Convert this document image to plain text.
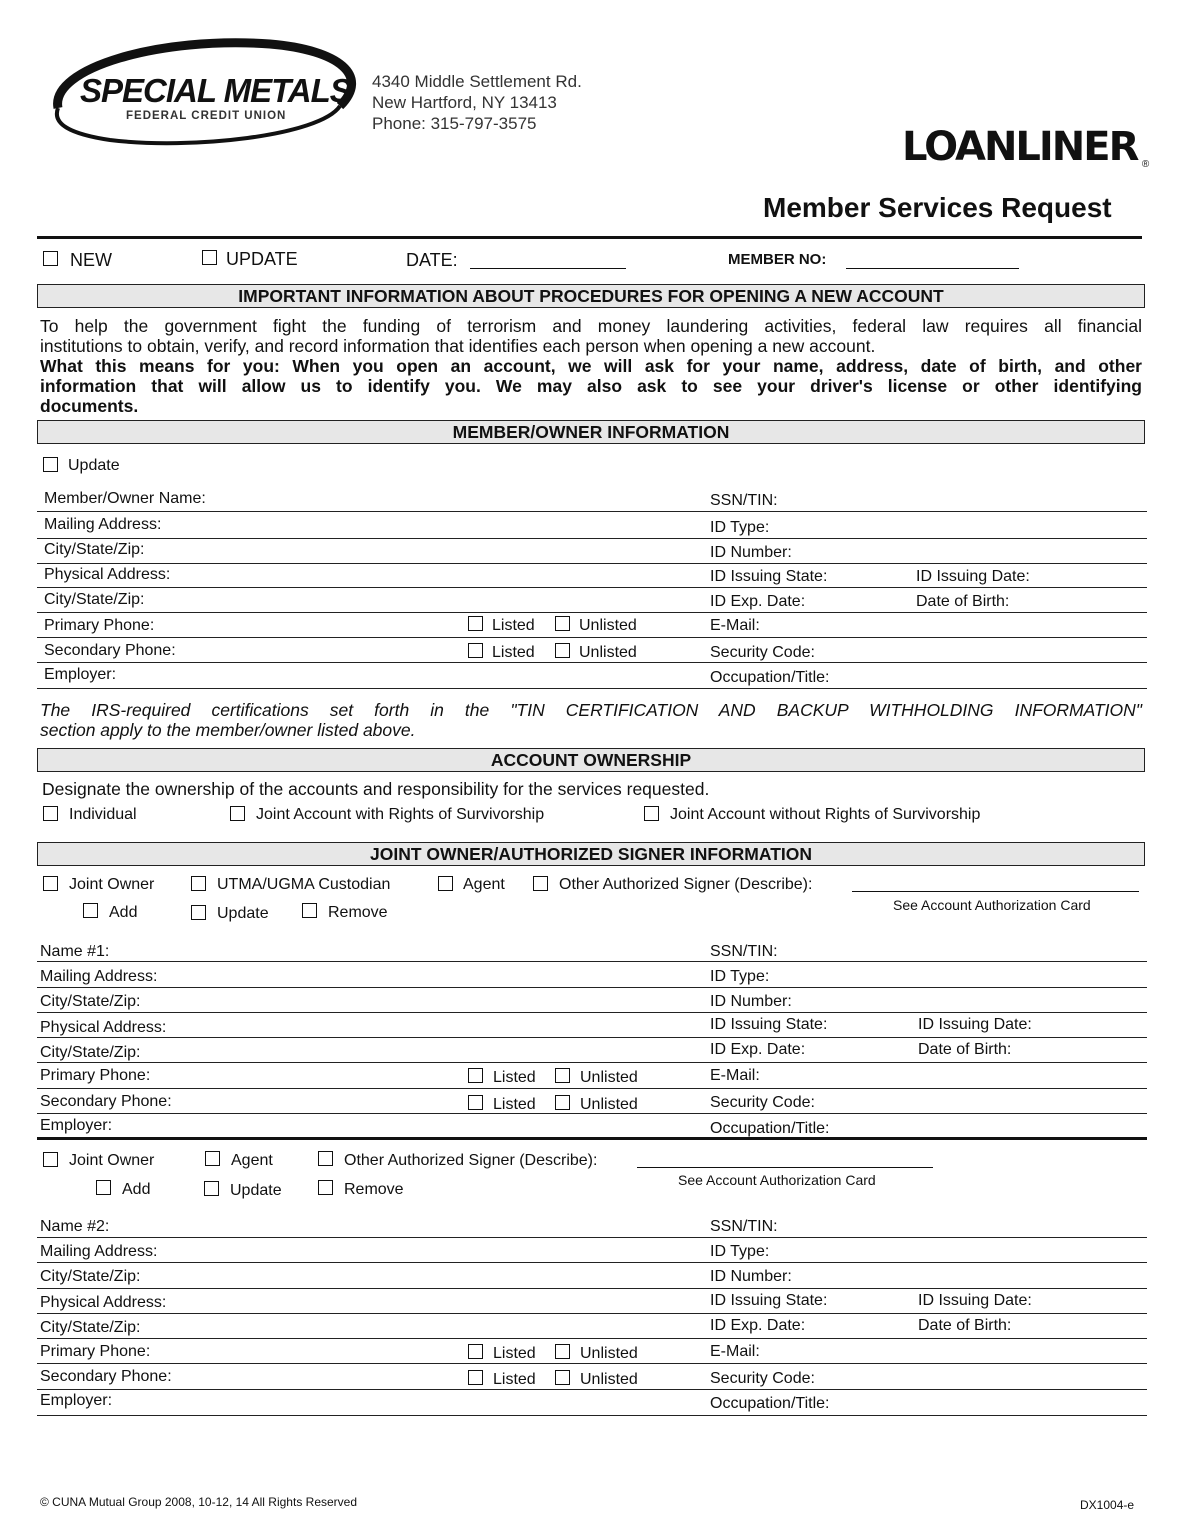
SPECIAL METALS
FEDERAL CREDIT UNION
4340 Middle Settlement Rd.
New Hartford, NY 13413
Phone: 315-797-3575
LOANLINER ®
Member Services Request
NEW	UPDATE	DATE:	MEMBER NO:
IMPORTANT INFORMATION ABOUT PROCEDURES FOR OPENING A NEW ACCOUNT
To help the government fight the funding of terrorism and money laundering activities, federal law requires all financial
institutions to obtain, verify, and record information that identifies each person when opening a new account.
What this means for you: When you open an account, we will ask for your name, address, date of birth, and other
information that will allow us to identify you. We may also ask to see your driver's license or other identifying
documents.
MEMBER/OWNER INFORMATION
Update
Member/Owner Name:	SSN/TIN:
Mailing Address:	ID Type:
City/State/Zip:	ID Number:
Physical Address:	ID Issuing State:	ID Issuing Date:
City/State/Zip:	ID Exp. Date:	Date of Birth:
Primary Phone:	Listed	Unlisted	E-Mail:
Secondary Phone:	Listed	Unlisted	Security Code:
Employer:	Occupation/Title:
The IRS-required certifications set forth in the "TIN CERTIFICATION AND BACKUP WITHHOLDING INFORMATION"
section apply to the member/owner listed above.
ACCOUNT OWNERSHIP
Designate the ownership of the accounts and responsibility for the services requested.
Individual	Joint Account with Rights of Survivorship	Joint Account without Rights of Survivorship
JOINT OWNER/AUTHORIZED SIGNER INFORMATION
Joint Owner	UTMA/UGMA Custodian	Agent	Other Authorized Signer (Describe):
See Account Authorization Card
Add	Update	Remove
Name #1:	SSN/TIN:
Mailing Address:	ID Type:
City/State/Zip:	ID Number:
Physical Address:	ID Issuing State:	ID Issuing Date:
City/State/Zip:	ID Exp. Date:	Date of Birth:
Primary Phone:	Listed	Unlisted	E-Mail:
Secondary Phone:	Listed	Unlisted	Security Code:
Employer:	Occupation/Title:
Joint Owner	Agent	Other Authorized Signer (Describe):
See Account Authorization Card
Add	Update	Remove
Name #2:	SSN/TIN:
Mailing Address:	ID Type:
City/State/Zip:	ID Number:
Physical Address:	ID Issuing State:	ID Issuing Date:
City/State/Zip:	ID Exp. Date:	Date of Birth:
Primary Phone:	Listed	Unlisted	E-Mail:
Secondary Phone:	Listed	Unlisted	Security Code:
Employer:	Occupation/Title:
© CUNA Mutual Group 2008, 10-12, 14 All Rights Reserved	DX1004-e
